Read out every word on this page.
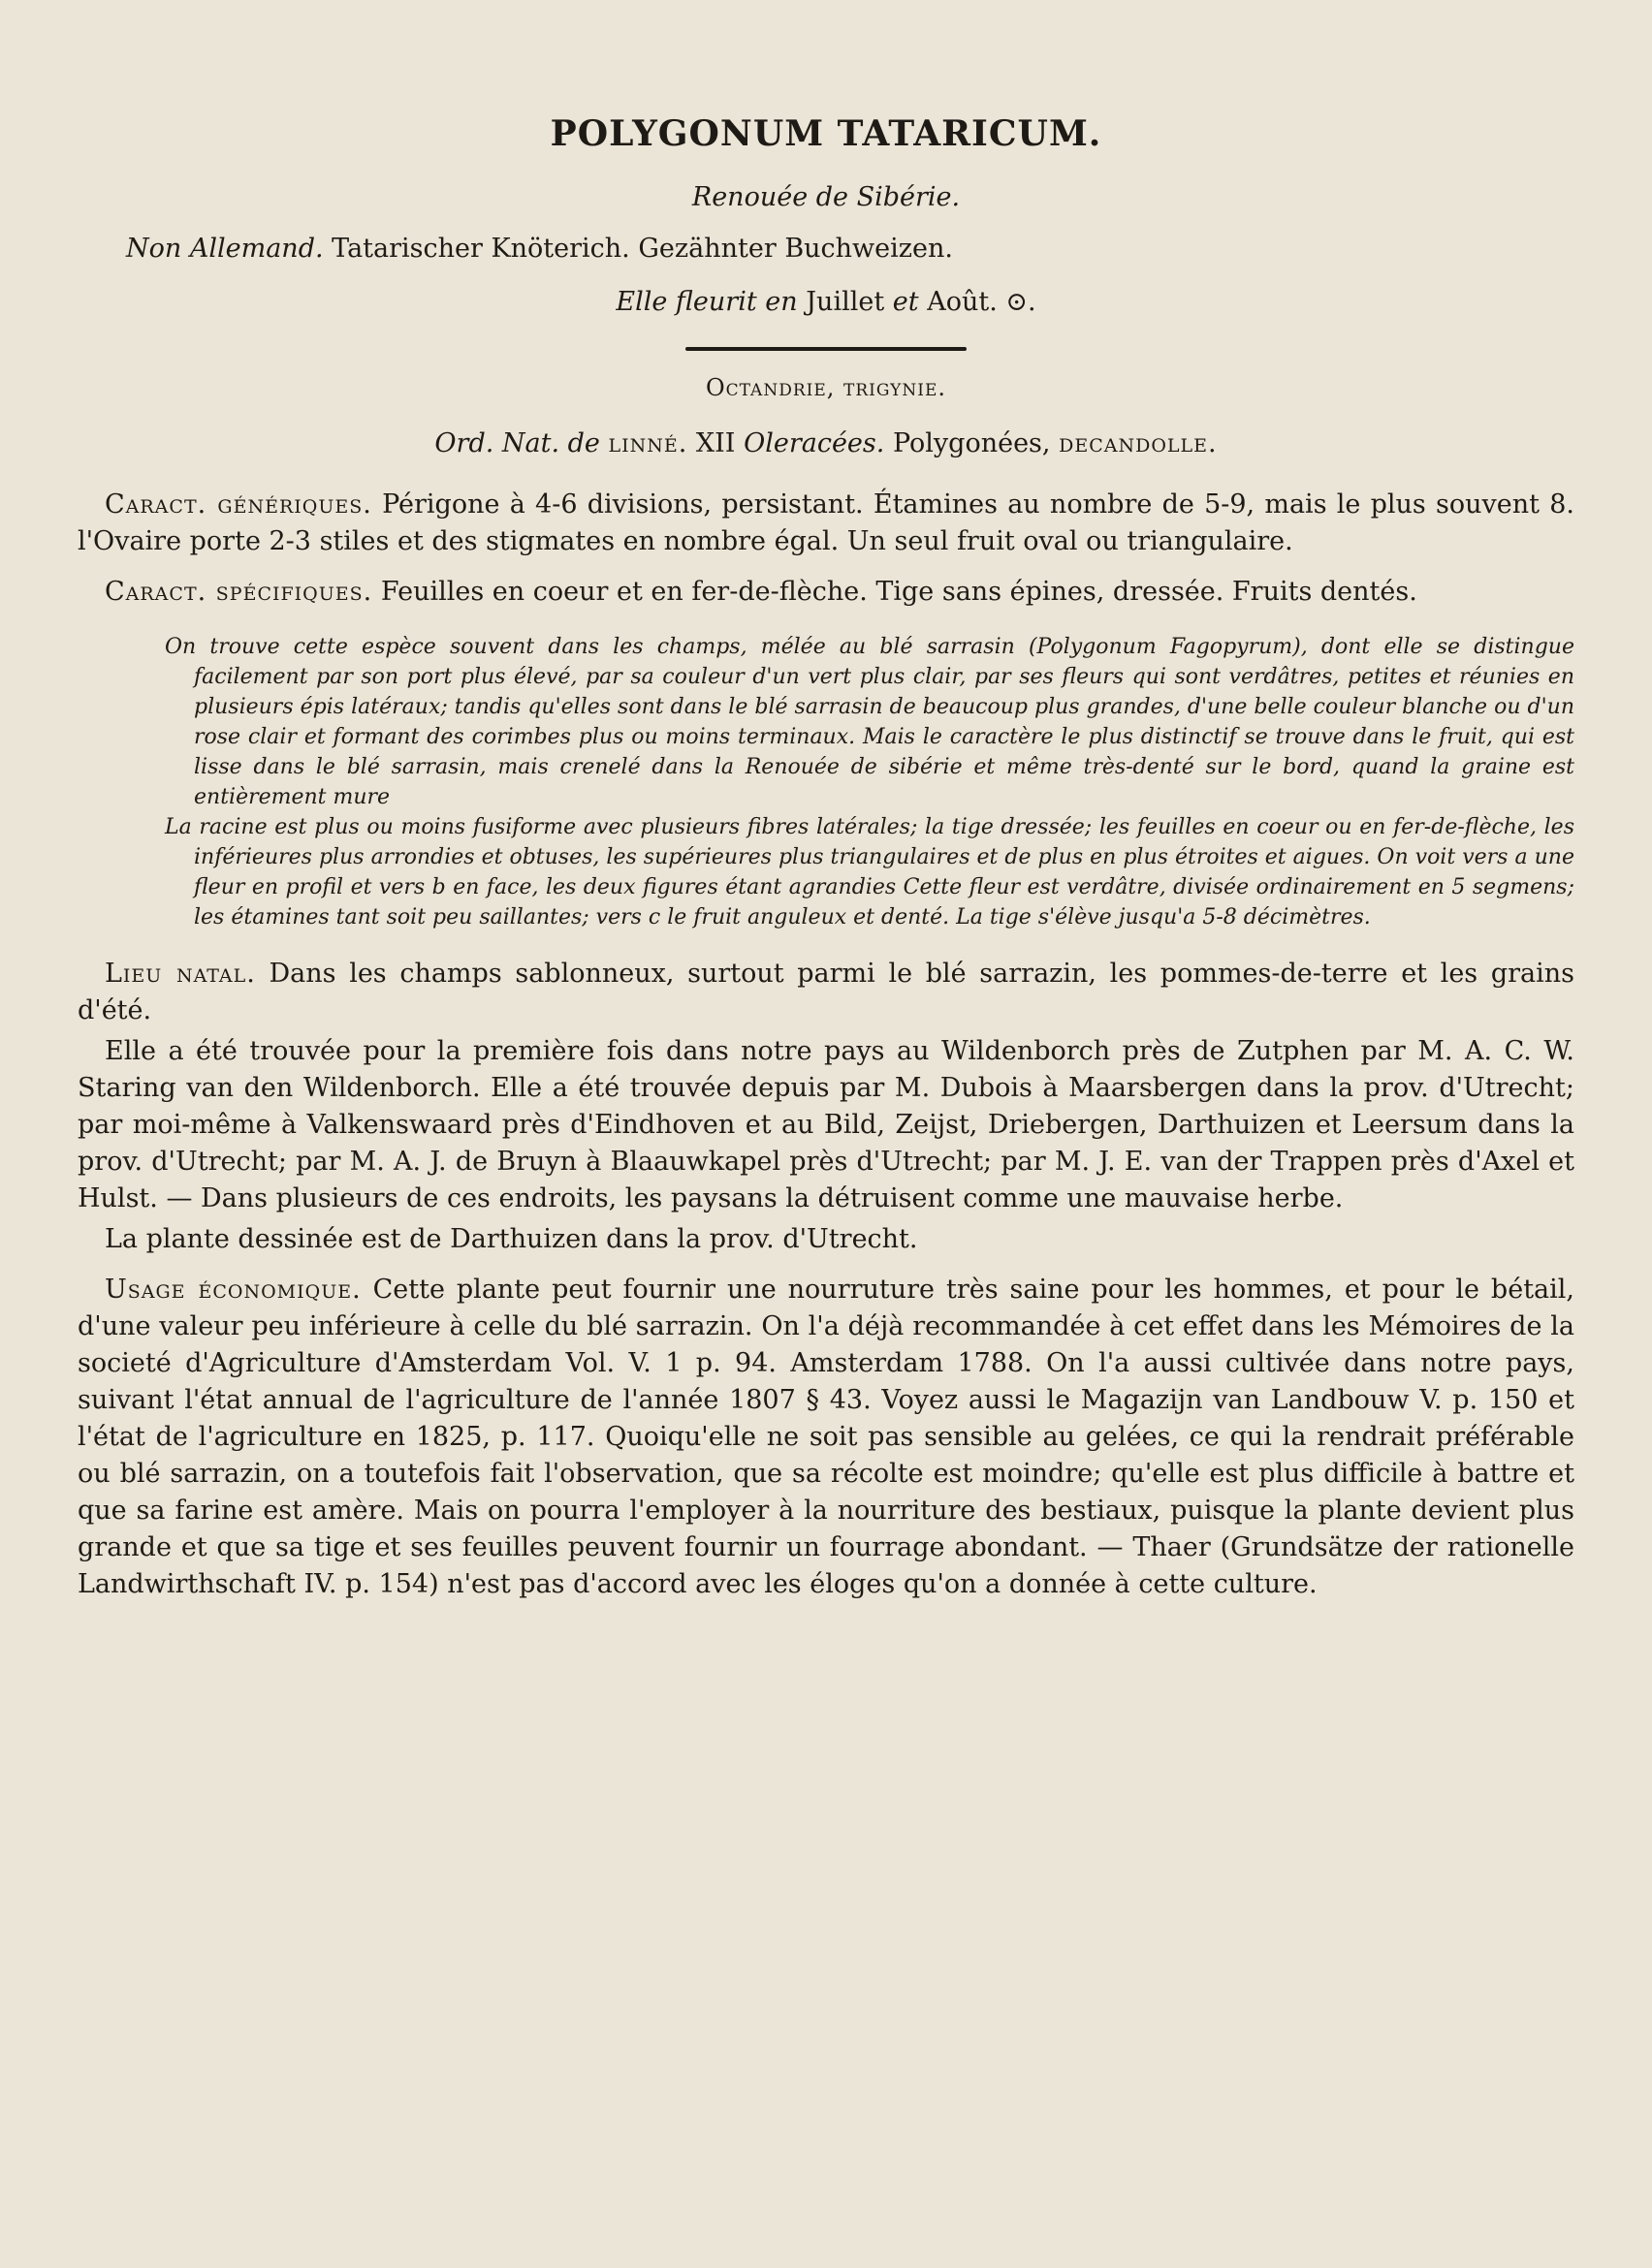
POLYGONUM TATARICUM.
Renouée de Sibérie.
Non Allemand. Tatarischer Knöterich. Gezähnter Buchweizen.
Elle fleurit en Juillet et Août. ⊙.
Octandrie, trigynie.
Ord. Nat. de linné. XII Oleracées. Polygonées, decandolle.

Caract. génériques. Périgone à 4-6 divisions, persistant. Étamines au nombre de 5-9, mais le plus souvent 8. l'Ovaire porte 2-3 stiles et des stigmates en nombre égal. Un seul fruit oval ou triangulaire.

Caract. spécifiques. Feuilles en coeur et en fer-de-flèche. Tige sans épines, dressée. Fruits dentés.

On trouve cette espèce souvent dans les champs, mélée au blé sarrasin (Polygonum Fagopyrum), dont elle se distingue facilement par son port plus élevé, par sa couleur d'un vert plus clair, par ses fleurs qui sont verdâtres, petites et réunies en plusieurs épis latéraux; tandis qu'elles sont dans le blé sarrasin de beaucoup plus grandes, d'une belle couleur blanche ou d'un rose clair et formant des corimbes plus ou moins terminaux. Mais le caractère le plus distinctif se trouve dans le fruit, qui est lisse dans le blé sarrasin, mais crenelé dans la Renouée de sibérie et même très-denté sur le bord, quand la graine est entièrement mure

La racine est plus ou moins fusiforme avec plusieurs fibres latérales; la tige dressée; les feuilles en coeur ou en fer-de-flèche, les inférieures plus arrondies et obtuses, les supérieures plus triangulaires et de plus en plus étroites et aigues. On voit vers a une fleur en profil et vers b en face, les deux figures étant agrandies Cette fleur est verdâtre, divisée ordinairement en 5 segmens; les étamines tant soit peu saillantes; vers c le fruit anguleux et denté. La tige s'élève jusqu'a 5-8 décimètres.

Lieu natal. Dans les champs sablonneux, surtout parmi le blé sarrazin, les pommes-de-terre et les grains d'été.

Elle a été trouvée pour la première fois dans notre pays au Wildenborch près de Zutphen par M. A. C. W. Staring van den Wildenborch. Elle a été trouvée depuis par M. Dubois à Maarsbergen dans la prov. d'Utrecht; par moi-même à Valkenswaard près d'Eindhoven et au Bild, Zeijst, Driebergen, Darthuizen et Leersum dans la prov. d'Utrecht; par M. A. J. de Bruyn à Blaauwkapel près d'Utrecht; par M. J. E. van der Trappen près d'Axel et Hulst. — Dans plusieurs de ces endroits, les paysans la détruisent comme une mauvaise herbe.

La plante dessinée est de Darthuizen dans la prov. d'Utrecht.

Usage économique. Cette plante peut fournir une nourruture très saine pour les hommes, et pour le bétail, d'une valeur peu inférieure à celle du blé sarrazin. On l'a déjà recommandée à cet effet dans les Mémoires de la societé d'Agriculture d'Amsterdam Vol. V. 1 p. 94. Amsterdam 1788. On l'a aussi cultivée dans notre pays, suivant l'état annual de l'agriculture de l'année 1807 § 43. Voyez aussi le Magazijn van Landbouw V. p. 150 et l'état de l'agriculture en 1825, p. 117. Quoiqu'elle ne soit pas sensible au gelées, ce qui la rendrait préférable ou blé sarrazin, on a toutefois fait l'observation, que sa récolte est moindre; qu'elle est plus difficile à battre et que sa farine est amère. Mais on pourra l'employer à la nourriture des bestiaux, puisque la plante devient plus grande et que sa tige et ses feuilles peuvent fournir un fourrage abondant. — Thaer (Grundsätze der rationelle Landwirthschaft IV. p. 154) n'est pas d'accord avec les éloges qu'on a donnée à cette culture.
